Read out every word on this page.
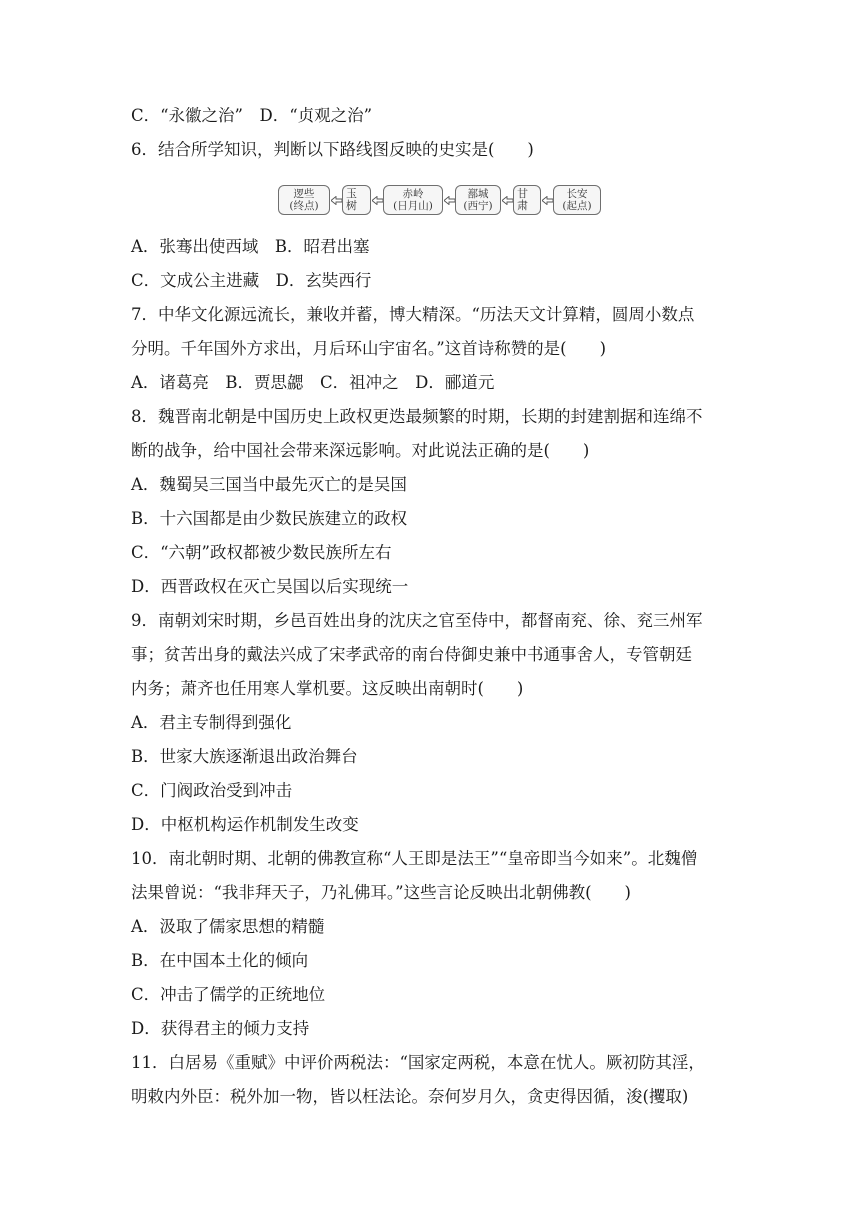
C．“永徽之治”　D．“贞观之治”
6．结合所学知识，判断以下路线图反映的史实是(　　)
A．张骞出使西域　B．昭君出塞
C．文成公主进藏　D．玄奘西行
7．中华文化源远流长，兼收并蓄，博大精深。“历法天文计算精，圆周小数点
分明。千年国外方求出，月后环山宇宙名。”这首诗称赞的是(　　)
A．诸葛亮　B．贾思勰　C．祖冲之　D．郦道元
8．魏晋南北朝是中国历史上政权更迭最频繁的时期，长期的封建割据和连绵不
断的战争，给中国社会带来深远影响。对此说法正确的是(　　)
A．魏蜀吴三国当中最先灭亡的是吴国
B．十六国都是由少数民族建立的政权
C．“六朝”政权都被少数民族所左右
D．西晋政权在灭亡吴国以后实现统一
9．南朝刘宋时期，乡邑百姓出身的沈庆之官至侍中，都督南兖、徐、兖三州军
事；贫苦出身的戴法兴成了宋孝武帝的南台侍御史兼中书通事舍人，专管朝廷
内务；萧齐也任用寒人掌机要。这反映出南朝时(　　)
A．君主专制得到强化
B．世家大族逐渐退出政治舞台
C．门阀政治受到冲击
D．中枢机构运作机制发生改变
10．南北朝时期、北朝的佛教宣称“人王即是法王”“皇帝即当今如来”。北魏僧
法果曾说：“我非拜天子，乃礼佛耳。”这些言论反映出北朝佛教(　　)
A．汲取了儒家思想的精髓
B．在中国本土化的倾向
C．冲击了儒学的正统地位
D．获得君主的倾力支持
11．白居易《重赋》中评价两税法：“国家定两税，本意在忧人。厥初防其淫，
明敕内外臣：税外加一物，皆以枉法论。奈何岁月久，贪吏得因循，浚(攫取)
逻些
(终点)
玉树
赤岭
(日月山)
鄯城
(西宁)
甘肃
长安
(起点)
